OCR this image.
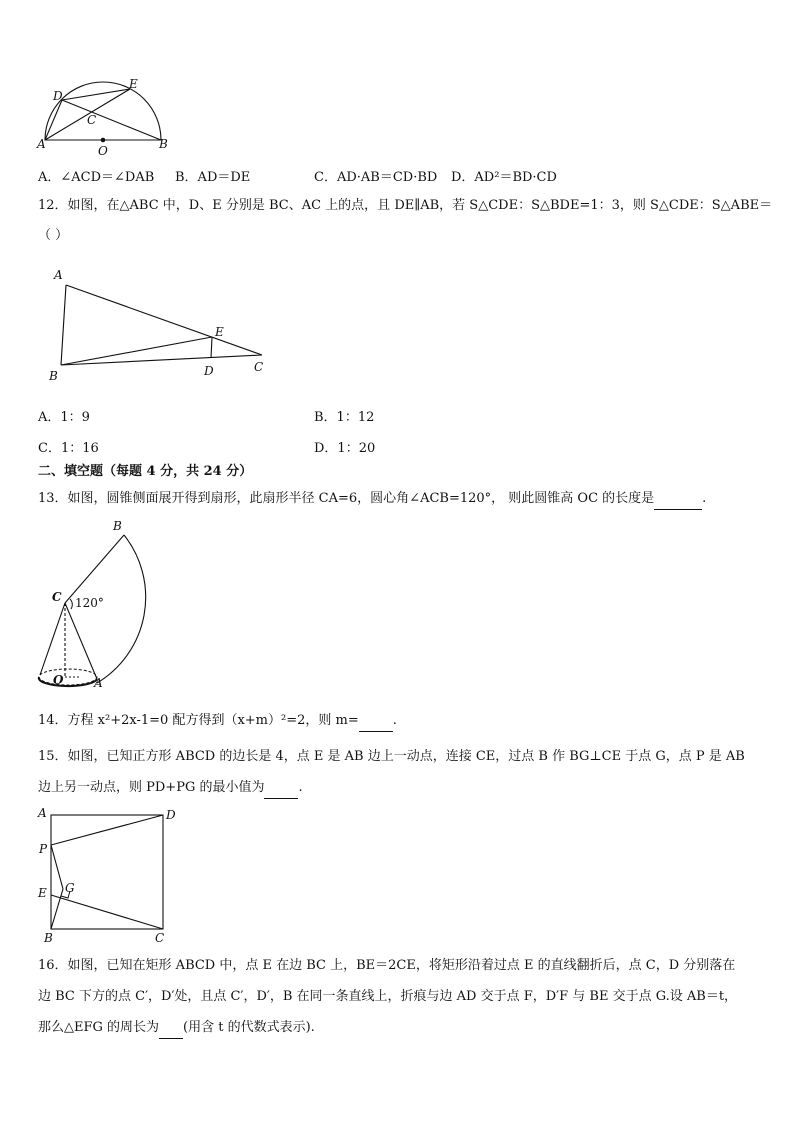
A	B
C
D
E
O
A．∠ACD＝∠DAB B．AD＝DE	C．AD·AB＝CD·BD D．AD²＝BD·CD
12．如图，在△ABC 中，D、E 分别是 BC、AC 上的点，且 DE∥AB，若 S△CDE：S△BDE=1：3，则 S△CDE：S△ABE＝
（ ）
A
B
C
D
E
A．1：9	B．1：12
C．1：16	D．1：20
二、填空题（每题 4 分，共 24 分）
13．如图，圆锥侧面展开得到扇形，此扇形半径 CA=6，圆心角∠ACB=120°， 则此圆锥高 OC 的长度是	.
B
C 120°
O	A
14．方程 x²+2x-1=0 配方得到（x+m）²=2，则 m=	.
15．如图，已知正方形 ABCD 的边长是 4，点 E 是 AB 边上一动点，连接 CE，过点 B 作 BG⊥CE 于点 G，点 P 是 AB
边上另一动点，则 PD+PG 的最小值为	.
A	D
P
E G
B	C
16．如图，已知在矩形 ABCD 中，点 E 在边 BC 上，BE＝2CE，将矩形沿着过点 E 的直线翻折后，点 C，D 分别落在
边 BC 下方的点 C′，D′处，且点 C′，D′，B 在同一条直线上，折痕与边 AD 交于点 F，D′F 与 BE 交于点 G.设 AB＝t，
那么△EFG 的周长为 (用含 t 的代数式表示).
